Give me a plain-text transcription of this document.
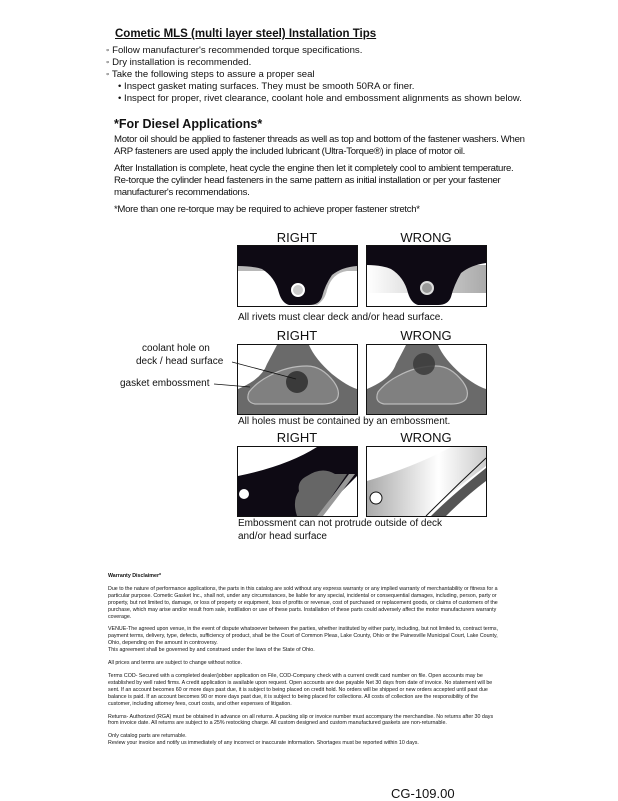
Cometic MLS (multi layer steel) Installation Tips
◦ Follow manufacturer's recommended torque specifications.
◦ Dry installation is recommended.
◦ Take the following steps to assure a proper seal
• Inspect gasket mating surfaces. They must be smooth 50RA or finer.
• Inspect for proper, rivet clearance, coolant hole and embossment alignments as shown below.
*For Diesel Applications*
Motor oil should be applied to fastener threads as well as top and bottom of the fastener washers. When ARP fasteners are used apply the included lubricant (Ultra-Torque®) in place of motor oil.
After Installation is complete, heat cycle the engine then let it completely cool to ambient temperature. Re-torque the cylinder head fasteners in the same pattern as initial installation or per your fastener manufacturer's recommendations.
*More than one re-torque may be required to achieve proper fastener stretch*
RIGHT	WRONG
All rivets must clear deck and/or head surface.
RIGHT	WRONG
coolant hole on
deck / head surface
gasket embossment
All holes must be contained by an embossment.
RIGHT	WRONG
Embossment can not protrude outside of deck
and/or head surface

Warranty Disclaimer*

Due to the nature of performance applications, the parts in this catalog are sold without any express warranty or any implied warranty of merchantability or fitness for a particular purpose. Cometic Gasket Inc., shall not, under any circumstances, be liable for any special, incidental or consequential damages, including, person, party or property, but not limited to, damage, or loss of property or equipment, loss of profits or revenue, cost of purchased or replacement goods, or claims of customers of the purchase, which may arise and/or result from sale, instillation or use of these parts. Installation of these parts could adversely affect the motor manufacturers warranty coverage.

VENUE-The agreed upon venue, in the event of dispute whatsoever between the parties, whether instituted by either party, including, but not limited to, contract terms, payment terms, delivery, type, defects, sufficiency of product, shall be the Court of Common Pleas, Lake County, Ohio or the Painesville Municipal Court, Lake County, Ohio, depending on the amount in controversy.
This agreement shall be governed by and construed under the laws of the State of Ohio.

All prices and terms are subject to change without notice.

Terms COD- Secured with a completed dealer/jobber application on File, COD-Company check with a current credit card number on file. Open accounts may be established by well rated firms. A credit application is available upon request. Open accounts are due payable Net 30 days from date of invoice. No statement will be sent. If an account becomes 60 or more days past due, it is subject to being placed on credit hold. No orders will be shipped or new orders accepted until past due balance is paid. If an account becomes 90 or more days past due, it is subject to being placed for collections. All costs of collection are the responsibility of the customer, including attorney fees, court costs, and other expenses of litigation.

Returns- Authorized (RGA) must be obtained in advance on all returns. A packing slip or invoice number must accompany the merchandise. No returns after 30 days from invoice date. All returns are subject to a 25% restocking charge. All custom designed and custom manufactured gaskets are non-returnable.

Only catalog parts are returnable.
Review your invoice and notify us immediately of any incorrect or inaccurate information. Shortages must be reported within 10 days.

CG-109.00
